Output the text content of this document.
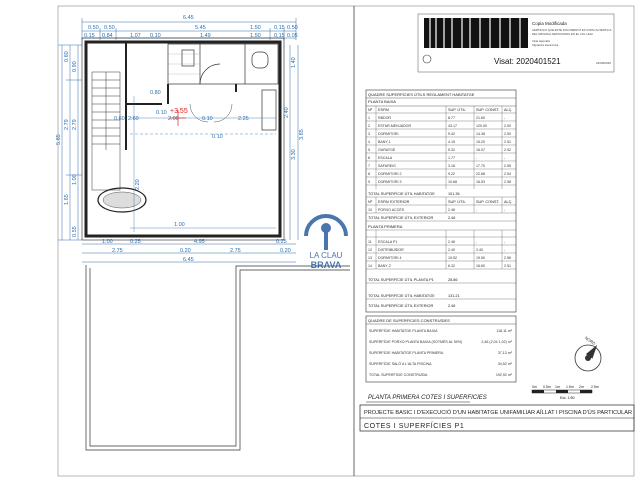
6.45
0.50 0.50	5.45	1.50 0.15 0.50
0.15 0.84	1.07 0.10	1.49	1.50 0.15 0.05
0.60
0.90
5.85
2.79
1.00
2.79
1.65
0.55
0.80
0.10
2.60
0.60	2.00	0.10	2.25
2.20
1.00
0.10
+3.55
1.40
2.40
3.30
3.85
1.00	0.25	4.95	0.25
2.75	0.20	2.75	0.20
6.45	LA CLAU
BRAVA
Copia Modificada
CERTIFICO QUE ESTE DOCUMENTO ES COPIA AUTENTICA
DEL ORIGINAL DEPOSITADO EN EL COL·LEGI
Visat telemàtic
Signatura electrònica
Visat: 2020401521	24/08/2020
QUADRE SUPERFÍCIES ÚTILS REGLAMENT HABITATGE
PLANTA BAIXA
Nº ESPAI	SUP. ÚTIL	SUP. CONST. ALÇ.
1 RBDOR	8.77	21.60	-
2 ESTAR-MENJADOR	43.17	120.00	2.00
3 DORMITORI	9.42	14.38	2.50
4 BANY 1	4.15	15.20	2.51
5 GARATGE	5.32	16.07	2.52
6 ESCALA	1.77	-	-
7 SAFAREIG	3.16	17.70	2.55
8 DORMITORI 2	9.22	22.68	2.54
9 DORMITORI 3	10.68	16.53	2.58
10 PORXO ACCÉS	2.46	-	-
11 ESCALA P1	2.46	-	-
12 DISTRIBUÏDOR	2.40	2.40	-
13 DORMITORI 4	19.52	19.50	2.56
14 BANY 2	6.32	16.60	2.51
TOTAL SUPERFÍCIE ÚTIL HABITATGE	101.36
Nº ESPAI EXTERIOR	SUP. ÚTIL	SUP. CONST. ALÇ.
TOTAL SUPERFÍCIE ÚTIL EXTERIOR	2.46
PLANTA PRIMERA
TOTAL SUPERFÍCIE ÚTIL PLANTA P1	28.86
TOTAL SUPERFÍCIE ÚTIL HABITATGE	131.21
TOTAL SUPERFÍCIE ÚTIL EXTERIOR	2.46
QUADRE DE SUPERFÍCIES CONSTRUÏDES
SUPERFÍCIE HABITATGE PLANTA BAIXA	118,11 m²
SUPERFÍCIE PORXO PLANTA BAIXA (SOTMÈS AL 50%)	2,46 (2,04 1,02) m²
SUPERFÍCIE HABITATGE PLANTA PRIMERA	37,13 m²
SUPERFÍCIE SALÓ A L'ALTA PISCINA	34,52 m²
TOTAL SUPERFÍCIE CONSTRUÏDA	192,92 m²
NORD
0m 0.5m 1m 1.5m 2m 2.5m
Esc. 1/50
PLANTA PRIMERA COTES I SUPERFICIES
PROJECTE BASIC I D'EXECUCIÓ D'UN HABITATGE UNIFAMILIAR AÏLLAT I PISCINA D'ÚS PARTICULAR
COTES I SUPERFÍCIES P1
